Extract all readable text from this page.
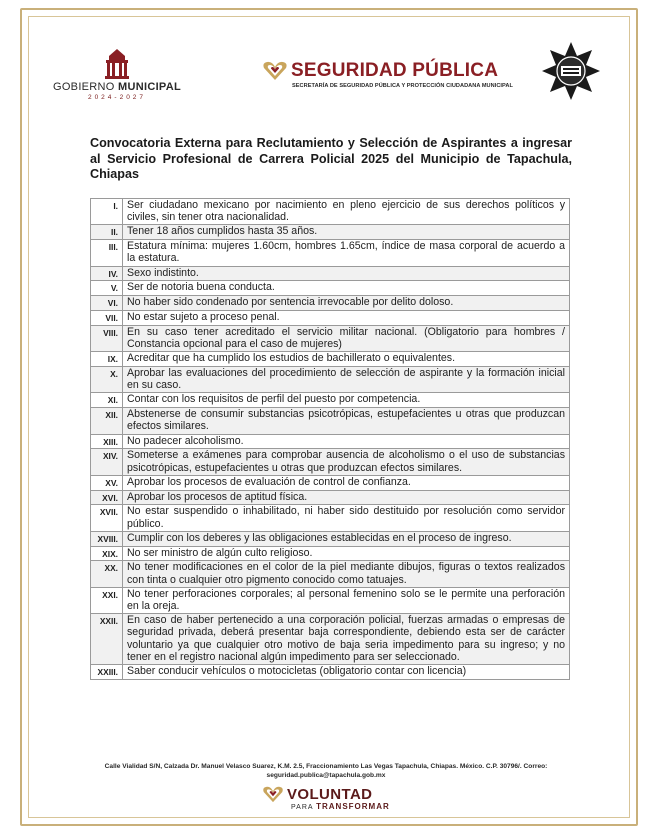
GOBIERNO MUNICIPAL
2024-2027
SEGURIDAD PÚBLICA
SECRETARÍA DE SEGURIDAD PÚBLICA Y PROTECCIÓN CIUDADANA MUNICIPAL
Convocatoria Externa para Reclutamiento y Selección de Aspirantes a ingresar al Servicio Profesional de Carrera Policial 2025 del Municipio de Tapachula, Chiapas
I.	Ser ciudadano mexicano por nacimiento en pleno ejercicio de sus derechos políticos y civiles, sin tener otra nacionalidad.
II.	Tener 18 años cumplidos hasta 35 años.
III.	Estatura mínima: mujeres 1.60cm, hombres 1.65cm, índice de masa corporal de acuerdo a la estatura.
IV.	Sexo indistinto.
V.	Ser de notoria buena conducta.
VI.	No haber sido condenado por sentencia irrevocable por delito doloso.
VII.	No estar sujeto a proceso penal.
VIII.	En su caso tener acreditado el servicio militar nacional. (Obligatorio para hombres / Constancia opcional para el caso de mujeres)
IX.	Acreditar que ha cumplido los estudios de bachillerato o equivalentes.
X.	Aprobar las evaluaciones del procedimiento de selección de aspirante y la formación inicial en su caso.
XI.	Contar con los requisitos de perfil del puesto por competencia.
XII.	Abstenerse de consumir substancias psicotrópicas, estupefacientes u otras que produzcan efectos similares.
XIII.	No padecer alcoholismo.
XIV.	Someterse a exámenes para comprobar ausencia de alcoholismo o el uso de substancias psicotrópicas, estupefacientes u otras que produzcan efectos similares.
XV.	Aprobar los procesos de evaluación de control de confianza.
XVI.	Aprobar los procesos de aptitud física.
XVII.	No estar suspendido o inhabilitado, ni haber sido destituido por resolución como servidor público.
XVIII.	Cumplir con los deberes y las obligaciones establecidas en el proceso de ingreso.
XIX.	No ser ministro de algún culto religioso.
XX.	No tener modificaciones en el color de la piel mediante dibujos, figuras o textos realizados con tinta o cualquier otro pigmento conocido como tatuajes.
XXI.	No tener perforaciones corporales; al personal femenino solo se le permite una perforación en la oreja.
XXII.	En caso de haber pertenecido a una corporación policial, fuerzas armadas o empresas de seguridad privada, deberá presentar baja correspondiente, debiendo esta ser de carácter voluntario ya que cualquier otro motivo de baja seria impedimento para su ingreso; y no tener en el registro nacional algún impedimento para ser seleccionado.
XXIII.	Saber conducir vehículos o motocicletas (obligatorio contar con licencia)
Calle Vialidad S/N, Calzada Dr. Manuel Velasco Suarez, K.M. 2.5, Fraccionamiento Las Vegas Tapachula, Chiapas. México. C.P. 30796/. Correo:
seguridad.publica@tapachula.gob.mx
VOLUNTAD
PARA TRANSFORMAR
